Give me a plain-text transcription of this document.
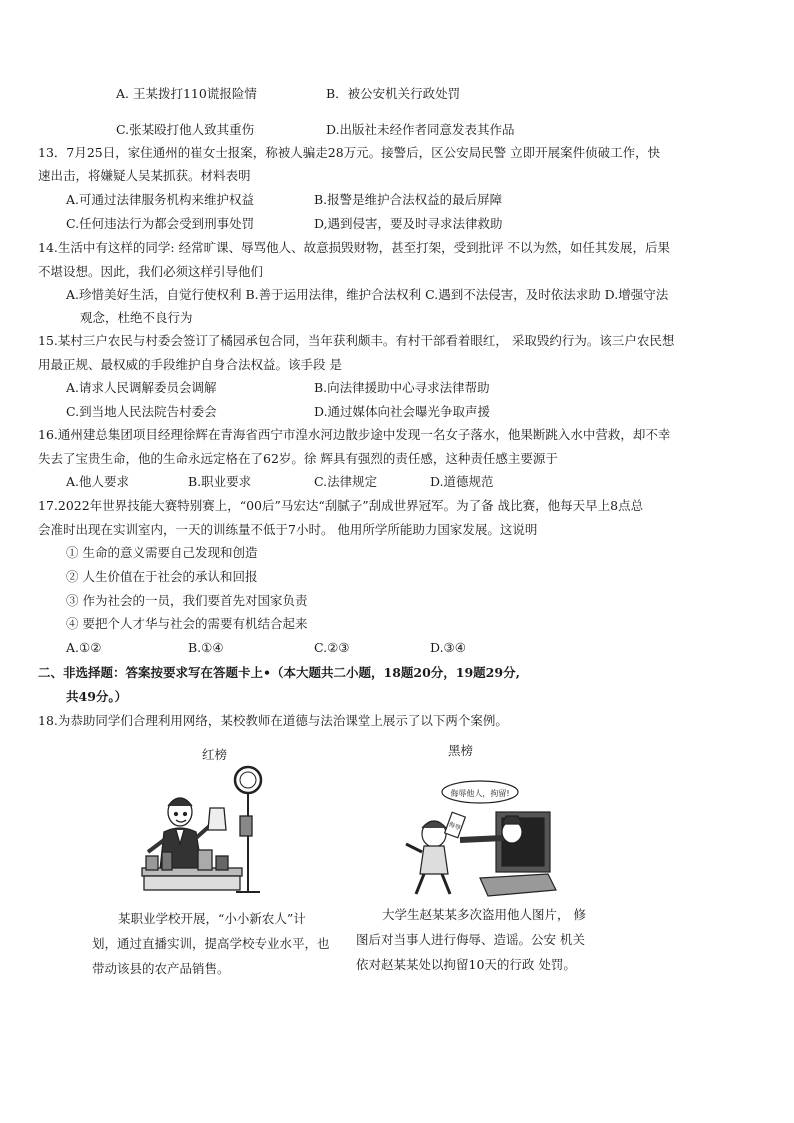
A. 王某拨打110谎报险情	B．被公安机关行政处罚
C.张某殴打他人致其重伤	D.出版社未经作者同意发表其作品
13．7月25日，家住通州的崔女士报案，称被人骗走28万元。接警后，区公安局民警 立即开展案件侦破工作，快
速出击，将嫌疑人吴某抓获。材料表明
A.可通过法律服务机构来维护权益	B.报警是维护合法权益的最后屏障
C.任何违法行为都会受到刑事处罚	D,遇到侵害，要及时寻求法律救助
14.生活中有这样的同学: 经常旷课、辱骂他人、故意损毁财物，甚至打架，受到批评 不以为然，如任其发展，后果
不堪设想。因此，我们必须这样引导他们
A.珍惜美好生活，自觉行使权利 B.善于运用法律，维护合法权利 C.遇到不法侵害，及时依法求助 D.增强守法
观念，杜绝不良行为
15.某村三户农民与村委会签订了橘园承包合同，当年获利颇丰。有村干部看着眼红， 采取毁约行为。该三户农民想
用最正规、最权威的手段维护自身合法权益。该手段 是
A.请求人民调解委员会调解	B.向法律援助中心寻求法律帮助
C.到当地人民法院告村委会	D.通过媒体向社会曝光争取声援
16.通州建总集团项目经理徐辉在青海省西宁市湟水河边散步途中发现一名女子落水，他果断跳入水中营救，却不幸
失去了宝贵生命，他的生命永远定格在了62岁。徐 辉具有强烈的责任感，这种责任感主要源于
A.他人要求	B.职业要求	C.法律规定	D.道德规范
17.2022年世界技能大赛特别赛上，“00后”马宏达“刮腻子”刮成世界冠军。为了备 战比赛，他每天早上8点总
会准时出现在实训室内，一天的训练量不低于7小时。 他用所学所能助力国家发展。这说明
① 生命的意义需要自己发现和创造
② 人生价值在于社会的承认和回报
③ 作为社会的一员，我们要首先对国家负责
④ 要把个人才华与社会的需要有机结合起来
A.①②	B.①④	C.②③	D.③④
二、非选择题：答案按要求写在答题卡上•（本大题共二小题，18题20分，19题29分,
共49分。）
18.为恭助同学们合理利用网络，某校教师在道德与法治课堂上展示了以下两个案例。
红榜	黑榜
侮辱他人，拘留!
侮辱
某职业学校开展，“小小新农人”计
划，通过直播实训，提高学校专业水平，也
带动该县的农产品销售。
大学生赵某某多次盗用他人图片， 修
图后对当事人进行侮辱、造谣。公安 机关
依对赵某某处以拘留10天的行政 处罚。
